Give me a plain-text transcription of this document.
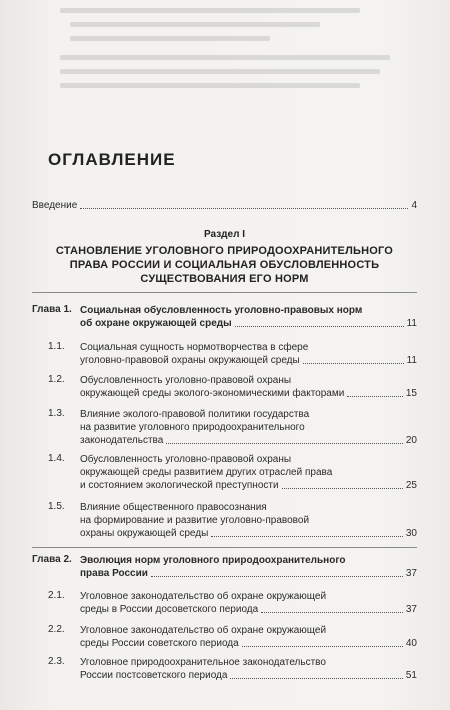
ОГЛАВЛЕНИЕ
Введение	4
Раздел I
СТАНОВЛЕНИЕ УГОЛОВНОГО ПРИРОДООХРАНИТЕЛЬНОГО
ПРАВА РОССИИ И СОЦИАЛЬНАЯ ОБУСЛОВЛЕННОСТЬ
СУЩЕСТВОВАНИЯ ЕГО НОРМ
Глава 1. Социальная обусловленность уголовно-правовых норм
об охране окружающей среды	11
1.1. Социальная сущность нормотворчества в сфере
уголовно-правовой охраны окружающей среды	11
1.2. Обусловленность уголовно-правовой охраны
окружающей среды эколого-экономическими факторами	15
1.3. Влияние эколого-правовой политики государства
на развитие уголовного природоохранительного
законодательства	20
1.4. Обусловленность уголовно-правовой охраны
окружающей среды развитием других отраслей права
и состоянием экологической преступности	25
1.5. Влияние общественного правосознания
на формирование и развитие уголовно-правовой
охраны окружающей среды	30
Глава 2. Эволюция норм уголовного природоохранительного
права России	37
2.1. Уголовное законодательство об охране окружающей
среды в России досоветского периода	37
2.2. Уголовное законодательство об охране окружающей
среды России советского периода	40
2.3. Уголовное природоохранительное законодательство
России постсоветского периода	51
